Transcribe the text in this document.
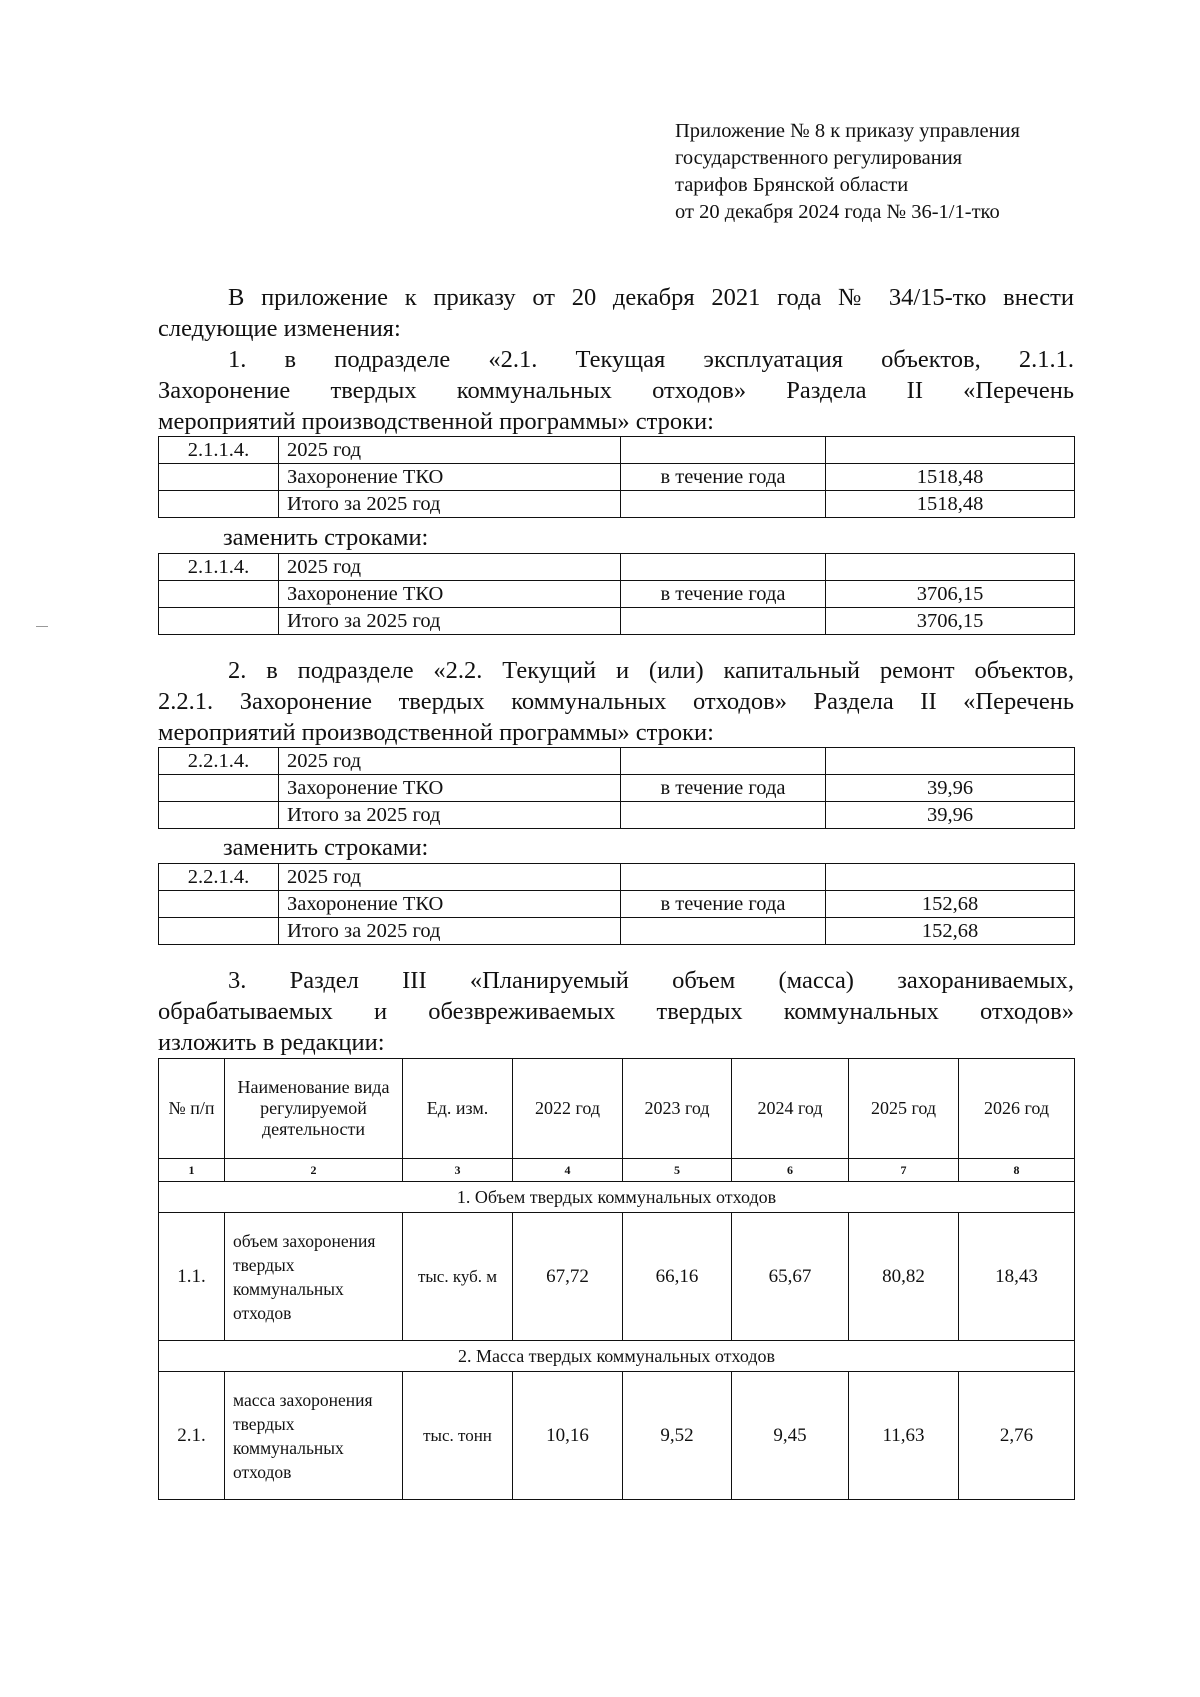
Приложение № 8 к приказу управления
государственного регулирования
тарифов Брянской области
от 20 декабря 2024 года № 36-1/1-тко
В приложение к приказу от 20 декабря 2021 года № 34/15-тко внести
следующие изменения:
1. в подразделе «2.1. Текущая эксплуатация объектов, 2.1.1.
Захоронение твердых коммунальных отходов» Раздела II «Перечень
мероприятий производственной программы» строки:
2.1.1.4.	2025 год		
	Захоронение ТКО	в течение года	1518,48
	Итого за 2025 год		1518,48
заменить строками:
2.1.1.4.	2025 год		
	Захоронение ТКО	в течение года	3706,15
	Итого за 2025 год		3706,15
2. в подразделе «2.2. Текущий и (или) капитальный ремонт объектов,
2.2.1. Захоронение твердых коммунальных отходов» Раздела II «Перечень
мероприятий производственной программы» строки:
2.2.1.4.	2025 год		
	Захоронение ТКО	в течение года	39,96
	Итого за 2025 год		39,96
заменить строками:
2.2.1.4.	2025 год		
	Захоронение ТКО	в течение года	152,68
	Итого за 2025 год		152,68
3. Раздел III «Планируемый объем (масса) захораниваемых,
обрабатываемых и обезвреживаемых твердых коммунальных отходов»
изложить в редакции:
№ п/п	Наименование вида регулируемой деятельности	Ед. изм.	2022 год	2023 год	2024 год	2025 год	2026 год
1	2	3	4	5	6	7	8
1. Объем твердых коммунальных отходов							
1.1.	объем захоронения твердых коммунальных отходов	тыс. куб. м	67,72	66,16	65,67	80,82	18,43
2. Масса твердых коммунальных отходов							
2.1.	масса захоронения твердых коммунальных отходов	тыс. тонн	10,16	9,52	9,45	11,63	2,76
